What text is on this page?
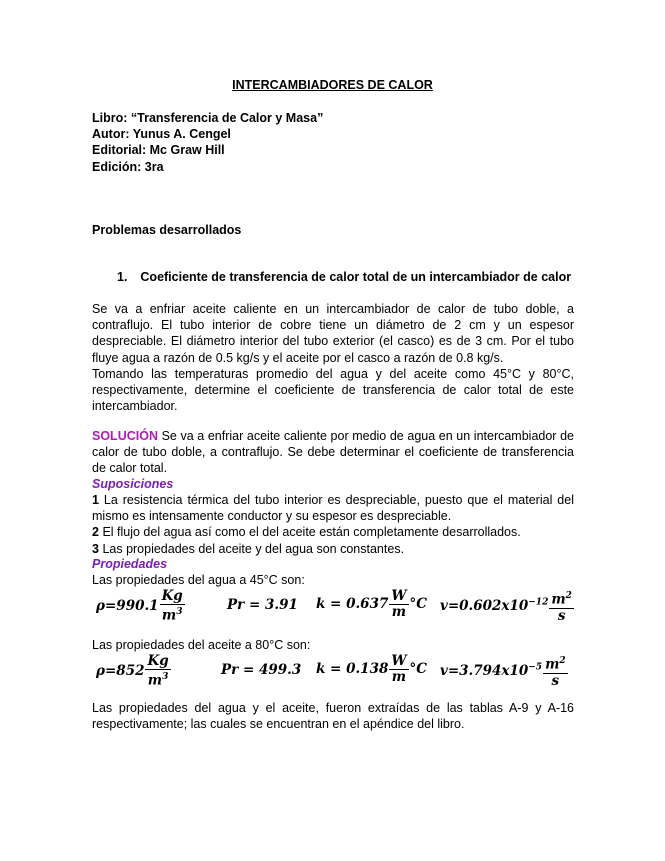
INTERCAMBIADORES DE CALOR
Libro: “Transferencia de Calor y Masa”
Autor: Yunus A. Cengel
Editorial: Mc Graw Hill
Edición: 3ra
Problemas desarrollados
1. Coeficiente de transferencia de calor total de un intercambiador de calor
Se va a enfriar aceite caliente en un intercambiador de calor de tubo doble, a contraflujo. El tubo interior de cobre tiene un diámetro de 2 cm y un espesor despreciable. El diámetro interior del tubo exterior (el casco) es de 3 cm. Por el tubo fluye agua a razón de 0.5 kg/s y el aceite por el casco a razón de 0.8 kg/s.
Tomando las temperaturas promedio del agua y del aceite como 45°C y 80°C, respectivamente, determine el coeficiente de transferencia de calor total de este intercambiador.
SOLUCIÓN Se va a enfriar aceite caliente por medio de agua en un intercambiador de calor de tubo doble, a contraflujo. Se debe determinar el coeficiente de transferencia de calor total.
Suposiciones
1 La resistencia térmica del tubo interior es despreciable, puesto que el material del mismo es intensamente conductor y su espesor es despreciable.
2 El flujo del agua así como el del aceite están completamente desarrollados.
3 Las propiedades del aceite y del agua son constantes.
Propiedades
Las propiedades del agua a 45°C son:
$\rho=990.1 \frac{Kg}{m^3}$	Pr = 3.91 $k = 0.637 \frac{W}{m} ^\circ C$ $v=0.602x10^{-12} \frac{m^2}{s}$
Las propiedades del aceite a 80°C son:
$\rho=852 \frac{Kg}{m^3}$	Pr = 499.3 $k = 0.138 \frac{W}{m} ^\circ C$ $v=3.794x10^{-5} \frac{m^2}{s}$
Las propiedades del agua y el aceite, fueron extraídas de las tablas A-9 y A-16 respectivamente; las cuales se encuentran en el apéndice del libro.
